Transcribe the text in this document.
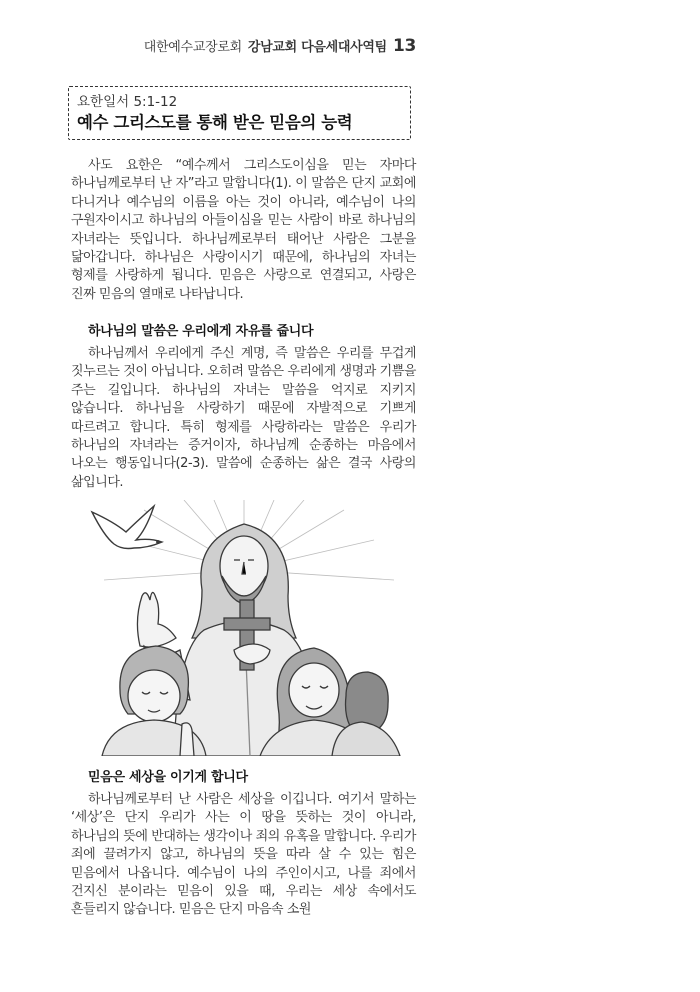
대한예수교장로회 강남교회 다음세대사역팀 13
요한일서 5:1-12
예수 그리스도를 통해 받은 믿음의 능력

사도 요한은 “예수께서 그리스도이심을 믿는 자마다 하나님께로부터 난 자”라고 말합니다(1). 이 말씀은 단지 교회에 다니거나 예수님의 이름을 아는 것이 아니라, 예수님이 나의 구원자이시고 하나님의 아들이심을 믿는 사람이 바로 하나님의 자녀라는 뜻입니다. 하나님께로부터 태어난 사람은 그분을 닮아갑니다. 하나님은 사랑이시기 때문에, 하나님의 자녀는 형제를 사랑하게 됩니다. 믿음은 사랑으로 연결되고, 사랑은 진짜 믿음의 열매로 나타납니다.

하나님의 말씀은 우리에게 자유를 줍니다

하나님께서 우리에게 주신 계명, 즉 말씀은 우리를 무겁게 짓누르는 것이 아닙니다. 오히려 말씀은 우리에게 생명과 기쁨을 주는 길입니다. 하나님의 자녀는 말씀을 억지로 지키지 않습니다. 하나님을 사랑하기 때문에 자발적으로 기쁘게 따르려고 합니다. 특히 형제를 사랑하라는 말씀은 우리가 하나님의 자녀라는 증거이자, 하나님께 순종하는 마음에서 나오는 행동입니다(2-3). 말씀에 순종하는 삶은 결국 사랑의 삶입니다.

믿음은 세상을 이기게 합니다

하나님께로부터 난 사람은 세상을 이깁니다. 여기서 말하는 ‘세상’은 단지 우리가 사는 이 땅을 뜻하는 것이 아니라, 하나님의 뜻에 반대하는 생각이나 죄의 유혹을 말합니다. 우리가 죄에 끌려가지 않고, 하나님의 뜻을 따라 살 수 있는 힘은 믿음에서 나옵니다. 예수님이 나의 주인이시고, 나를 죄에서 건지신 분이라는 믿음이 있을 때, 우리는 세상 속에서도 흔들리지 않습니다. 믿음은 단지 마음속 소원
